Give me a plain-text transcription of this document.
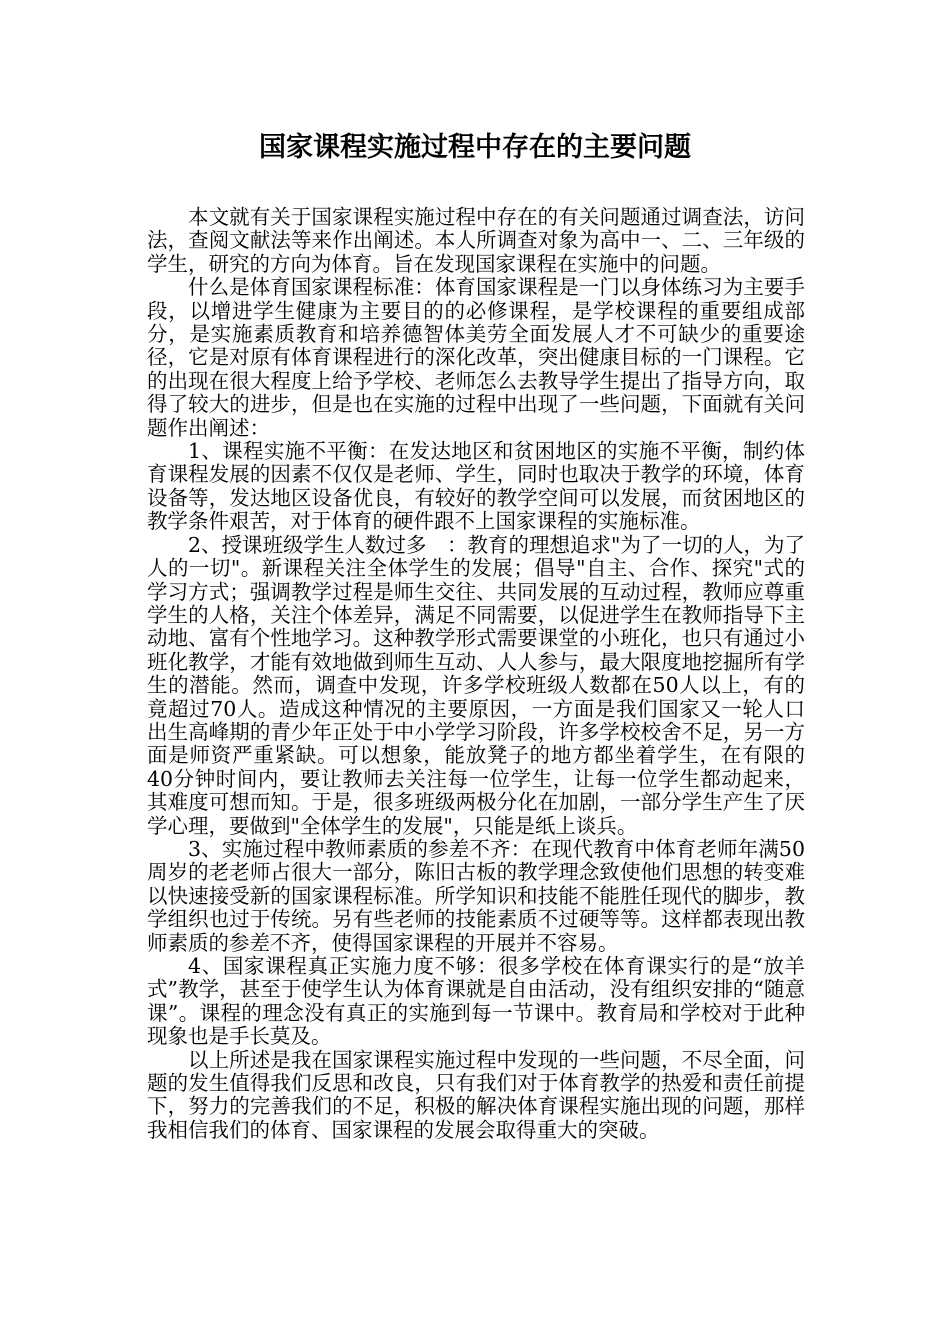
国家课程实施过程中存在的主要问题

本文就有关于国家课程实施过程中存在的有关问题通过调查法，访问法，查阅文献法等来作出阐述。本人所调查对象为高中一、二、三年级的学生，研究的方向为体育。旨在发现国家课程在实施中的问题。

什么是体育国家课程标准：体育国家课程是一门以身体练习为主要手段，以增进学生健康为主要目的的必修课程，是学校课程的重要组成部分，是实施素质教育和培养德智体美劳全面发展人才不可缺少的重要途径，它是对原有体育课程进行的深化改革，突出健康目标的一门课程。它的出现在很大程度上给予学校、老师怎么去教导学生提出了指导方向，取得了较大的进步，但是也在实施的过程中出现了一些问题，下面就有关问题作出阐述：

1、课程实施不平衡：在发达地区和贫困地区的实施不平衡，制约体育课程发展的因素不仅仅是老师、学生，同时也取决于教学的环境，体育设备等，发达地区设备优良，有较好的教学空间可以发展，而贫困地区的教学条件艰苦，对于体育的硬件跟不上国家课程的实施标准。

2、授课班级学生人数过多　：教育的理想追求"为了一切的人，为了人的一切"。新课程关注全体学生的发展；倡导"自主、合作、探究"式的学习方式；强调教学过程是师生交往、共同发展的互动过程，教师应尊重学生的人格，关注个体差异，满足不同需要，以促进学生在教师指导下主动地、富有个性地学习。这种教学形式需要课堂的小班化，也只有通过小班化教学，才能有效地做到师生互动、人人参与，最大限度地挖掘所有学生的潜能。然而，调查中发现，许多学校班级人数都在50人以上，有的竟超过70人。造成这种情况的主要原因，一方面是我们国家又一轮人口出生高峰期的青少年正处于中小学学习阶段，许多学校校舍不足，另一方面是师资严重紧缺。可以想象，能放凳子的地方都坐着学生，在有限的40分钟时间内，要让教师去关注每一位学生，让每一位学生都动起来，其难度可想而知。于是，很多班级两极分化在加剧，一部分学生产生了厌学心理，要做到"全体学生的发展"，只能是纸上谈兵。

3、实施过程中教师素质的参差不齐：在现代教育中体育老师年满50周岁的老老师占很大一部分，陈旧古板的教学理念致使他们思想的转变难以快速接受新的国家课程标准。所学知识和技能不能胜任现代的脚步，教学组织也过于传统。另有些老师的技能素质不过硬等等。这样都表现出教师素质的参差不齐，使得国家课程的开展并不容易。

4、国家课程真正实施力度不够：很多学校在体育课实行的是“放羊式”教学，甚至于使学生认为体育课就是自由活动，没有组织安排的“随意课”。课程的理念没有真正的实施到每一节课中。教育局和学校对于此种现象也是手长莫及。

以上所述是我在国家课程实施过程中发现的一些问题，不尽全面，问题的发生值得我们反思和改良，只有我们对于体育教学的热爱和责任前提下，努力的完善我们的不足，积极的解决体育课程实施出现的问题，那样我相信我们的体育、国家课程的发展会取得重大的突破。
